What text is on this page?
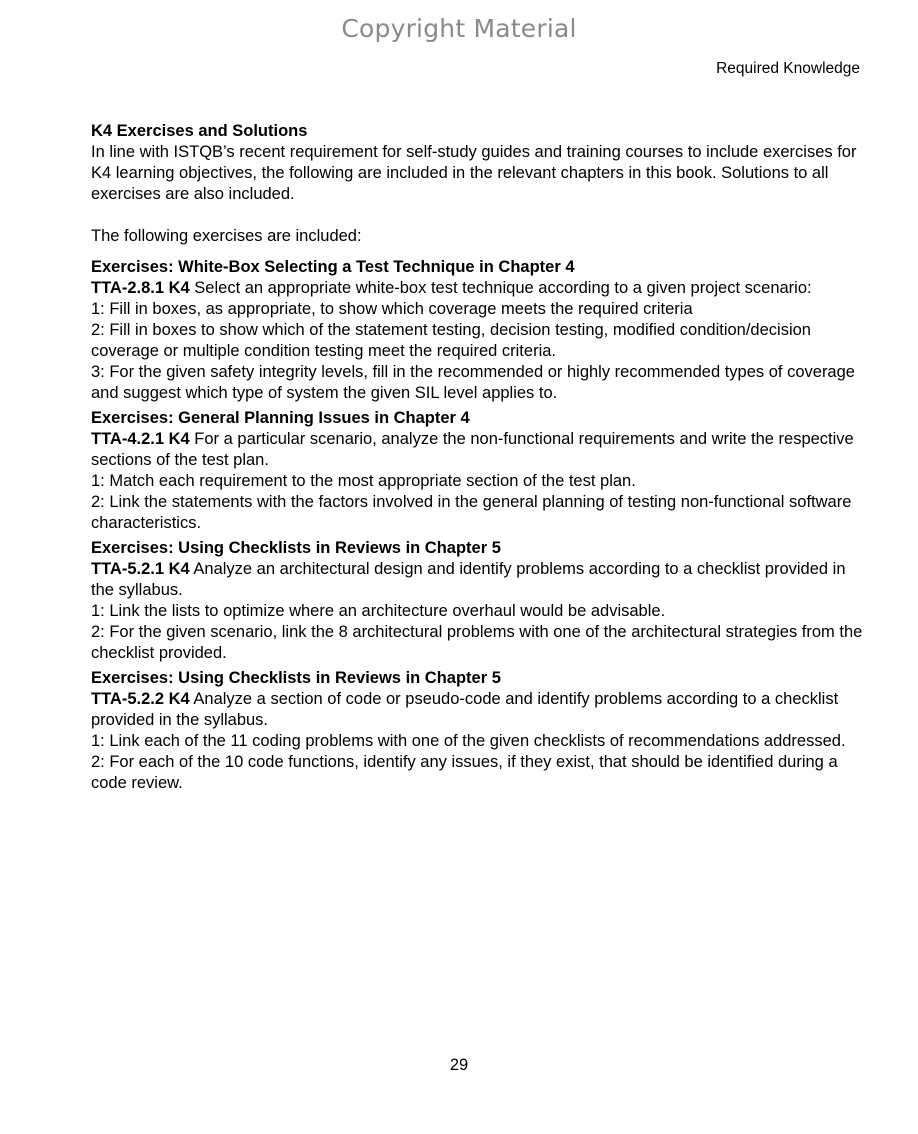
Copyright Material
Required Knowledge

K4 Exercises and Solutions

In line with ISTQB’s recent requirement for self-study guides and training courses to include exercises for K4 learning objectives, the following are included in the relevant chapters in this book. Solutions to all exercises are also included.

The following exercises are included:

Exercises: White-Box Selecting a Test Technique in Chapter 4

TTA-2.8.1 K4 Select an appropriate white-box test technique according to a given project scenario:

1: Fill in boxes, as appropriate, to show which coverage meets the required criteria

2: Fill in boxes to show which of the statement testing, decision testing, modified condition/decision coverage or multiple condition testing meet the required criteria.

3: For the given safety integrity levels, fill in the recommended or highly recommended types of coverage and suggest which type of system the given SIL level applies to.

Exercises: General Planning Issues in Chapter 4

TTA-4.2.1 K4 For a particular scenario, analyze the non-functional requirements and write the respective sections of the test plan.

1: Match each requirement to the most appropriate section of the test plan.

2: Link the statements with the factors involved in the general planning of testing non-functional software characteristics.

Exercises: Using Checklists in Reviews in Chapter 5

TTA-5.2.1 K4 Analyze an architectural design and identify problems according to a checklist provided in the syllabus.

1: Link the lists to optimize where an architecture overhaul would be advisable.

2: For the given scenario, link the 8 architectural problems with one of the architectural strategies from the checklist provided.

Exercises: Using Checklists in Reviews in Chapter 5

TTA-5.2.2 K4 Analyze a section of code or pseudo-code and identify problems according to a checklist provided in the syllabus.

1: Link each of the 11 coding problems with one of the given checklists of recommendations addressed.

2: For each of the 10 code functions, identify any issues, if they exist, that should be identified during a code review.

29
